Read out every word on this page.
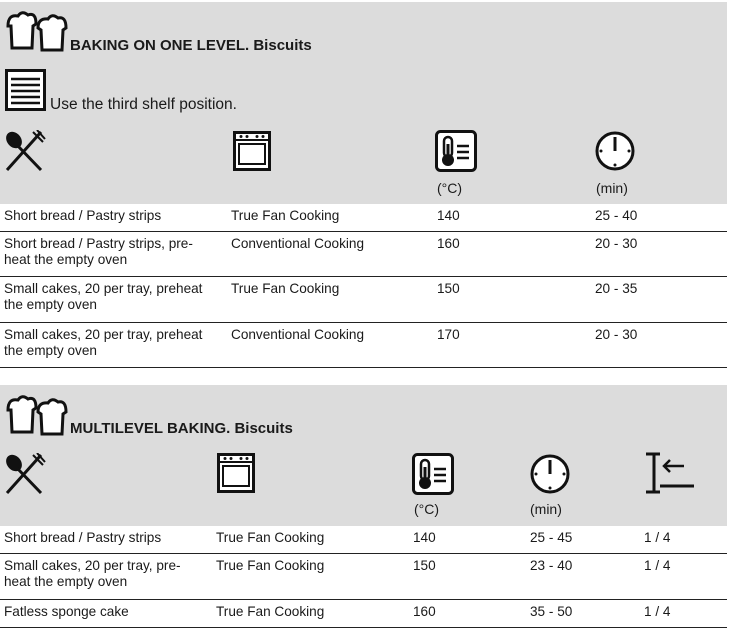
BAKING ON ONE LEVEL. Biscuits
Use the third shelf position.
(°C)	(min)
Short bread / Pastry strips	True Fan Cooking	140	25 - 40
Short bread / Pastry strips, pre-
heat the empty oven
Conventional Cooking	160	20 - 30
Small cakes, 20 per tray, preheat
the empty oven
True Fan Cooking	150	20 - 35
Small cakes, 20 per tray, preheat
the empty oven
Conventional Cooking	170	20 - 30
MULTILEVEL BAKING. Biscuits
(°C)	(min)
Short bread / Pastry strips	True Fan Cooking	140	25 - 45	1 / 4
Small cakes, 20 per tray, pre-
heat the empty oven
True Fan Cooking	150	23 - 40	1 / 4
Fatless sponge cake	True Fan Cooking	160	35 - 50	1 / 4
